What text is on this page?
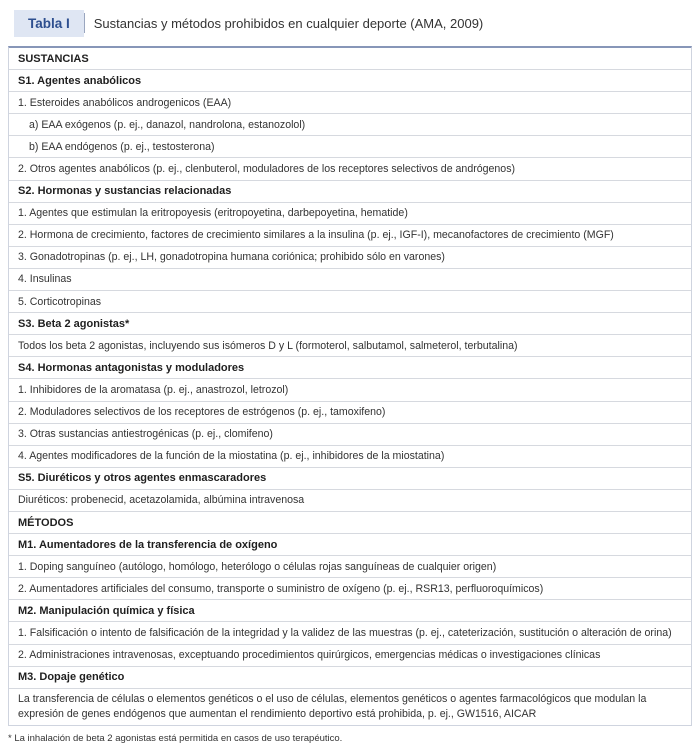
Tabla I	Sustancias y métodos prohibidos en cualquier deporte (AMA, 2009)
SUSTANCIAS
S1. Agentes anabólicos
1. Esteroides anabólicos androgenicos (EAA)
a) EAA exógenos (p. ej., danazol, nandrolona, estanozolol)
b) EAA endógenos (p. ej., testosterona)
2. Otros agentes anabólicos (p. ej., clenbuterol, moduladores de los receptores selectivos de andrógenos)
S2. Hormonas y sustancias relacionadas
1. Agentes que estimulan la eritropoyesis (eritropoyetina, darbepoyetina, hematide)
2. Hormona de crecimiento, factores de crecimiento similares a la insulina (p. ej., IGF-I), mecanofactores de crecimiento (MGF)
3. Gonadotropinas (p. ej., LH, gonadotropina humana coriónica; prohibido sólo en varones)
4. Insulinas
5. Corticotropinas
S3. Beta 2 agonistas*
Todos los beta 2 agonistas, incluyendo sus isómeros D y L (formoterol, salbutamol, salmeterol, terbutalina)
S4. Hormonas antagonistas y moduladores
1. Inhibidores de la aromatasa (p. ej., anastrozol, letrozol)
2. Moduladores selectivos de los receptores de estrógenos (p. ej., tamoxifeno)
3. Otras sustancias antiestrogénicas (p. ej., clomifeno)
4. Agentes modificadores de la función de la miostatina (p. ej., inhibidores de la miostatina)
S5. Diuréticos y otros agentes enmascaradores
Diuréticos: probenecid, acetazolamida, albúmina intravenosa
MÉTODOS
M1. Aumentadores de la transferencia de oxígeno
1. Doping sanguíneo (autólogo, homólogo, heterólogo o células rojas sanguíneas de cualquier origen)
2. Aumentadores artificiales del consumo, transporte o suministro de oxígeno (p. ej., RSR13, perfluoroquímicos)
M2. Manipulación química y física
1. Falsificación o intento de falsificación de la integridad y la validez de las muestras (p. ej., cateterización, sustitución o alteración de orina)
2. Administraciones intravenosas, exceptuando procedimientos quirúrgicos, emergencias médicas o investigaciones clínicas
M3. Dopaje genético
La transferencia de células o elementos genéticos o el uso de células, elementos genéticos o agentes farmacológicos que modulan la expresión de genes endógenos que aumentan el rendimiento deportivo está prohibida, p. ej., GW1516, AICAR
* La inhalación de beta 2 agonistas está permitida en casos de uso terapéutico.
